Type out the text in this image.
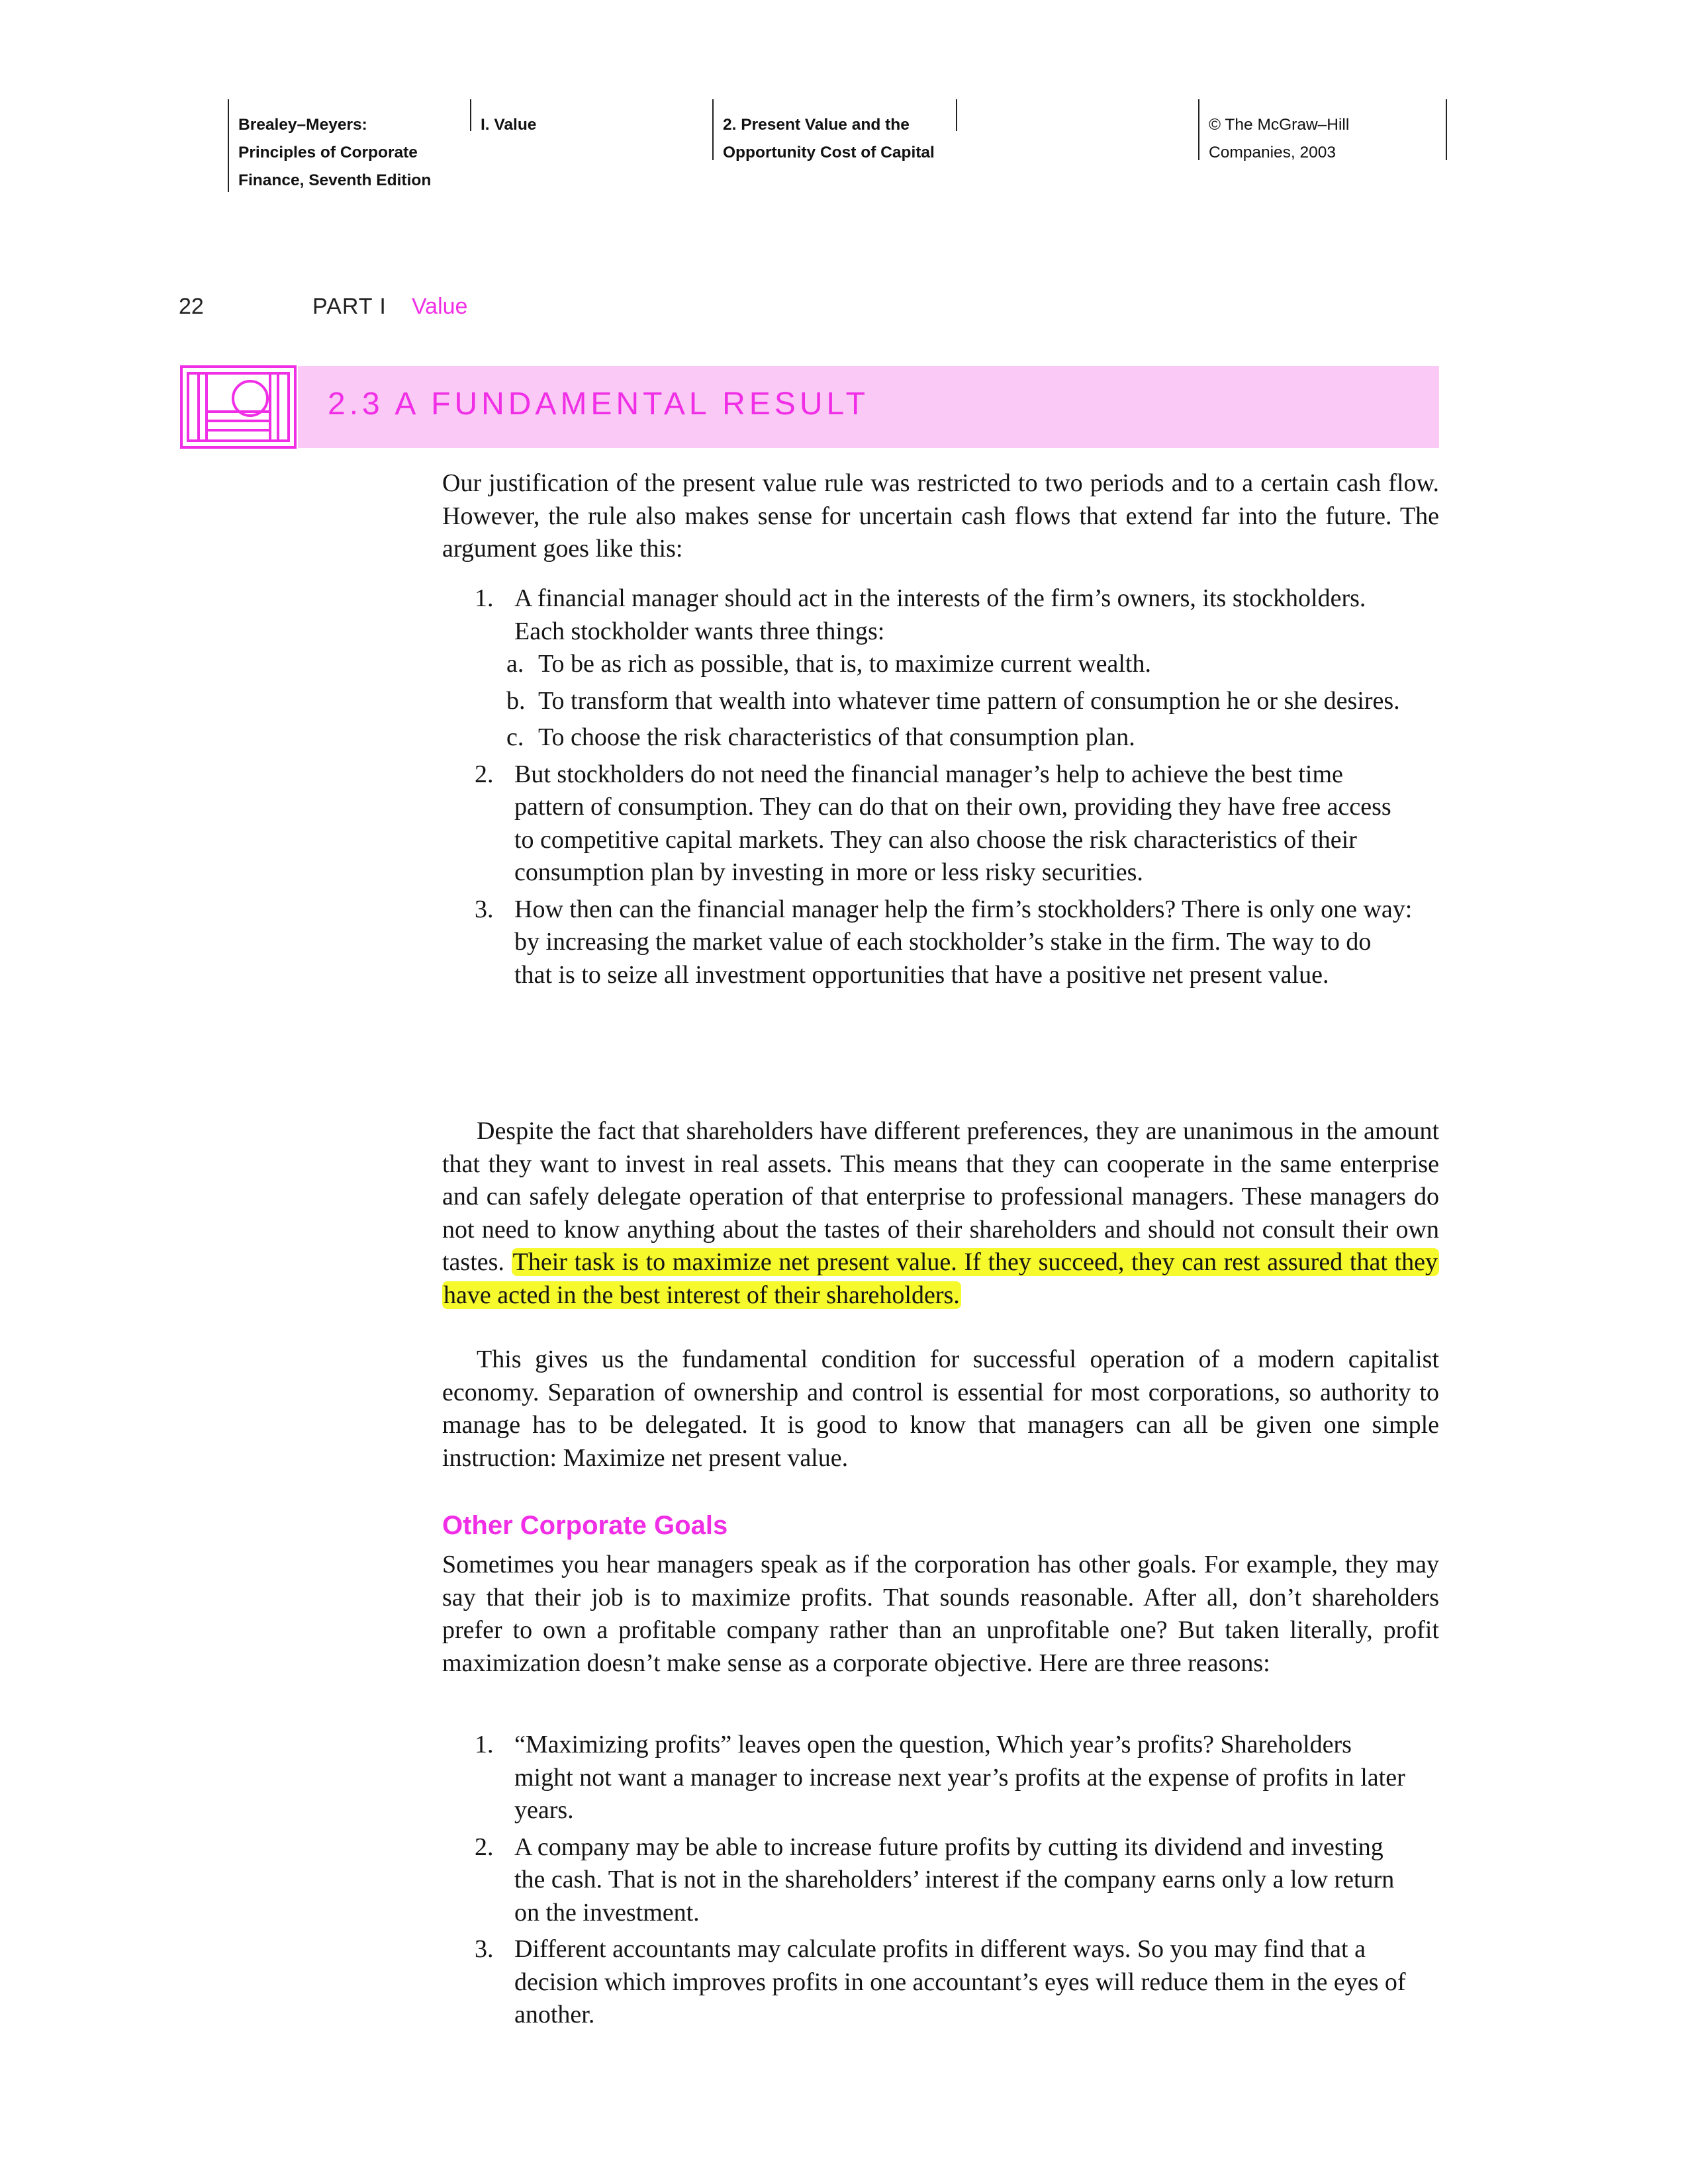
Brealey–Meyers:
Principles of Corporate
Finance, Seventh Edition
I. Value	2. Present Value and the
Opportunity Cost of Capital
© The McGraw–Hill
Companies, 2003
22	PART I Value
2.3 A FUNDAMENTAL RESULT
Our justification of the present value rule was restricted to two periods and to a certain cash flow. However, the rule also makes sense for uncertain cash flows that extend far into the future. The argument goes like this:
1. A financial manager should act in the interests of the firm’s owners, its stockholders. Each stockholder wants three things:
a. To be as rich as possible, that is, to maximize current wealth.
b. To transform that wealth into whatever time pattern of consumption he or she desires.
c. To choose the risk characteristics of that consumption plan.
2. But stockholders do not need the financial manager’s help to achieve the best time pattern of consumption. They can do that on their own, providing they have free access to competitive capital markets. They can also choose the risk characteristics of their consumption plan by investing in more or less risky securities.
3. How then can the financial manager help the firm’s stockholders? There is only one way: by increasing the market value of each stockholder’s stake in the firm. The way to do that is to seize all investment opportunities that have a positive net present value.
Despite the fact that shareholders have different preferences, they are unanimous in the amount that they want to invest in real assets. This means that they can cooperate in the same enterprise and can safely delegate operation of that enterprise to professional managers. These managers do not need to know anything about the tastes of their shareholders and should not consult their own tastes. Their task is to maximize net present value. If they succeed, they can rest assured that they have acted in the best interest of their shareholders.
This gives us the fundamental condition for successful operation of a modern capitalist economy. Separation of ownership and control is essential for most corporations, so authority to manage has to be delegated. It is good to know that managers can all be given one simple instruction: Maximize net present value.
Other Corporate Goals
Sometimes you hear managers speak as if the corporation has other goals. For example, they may say that their job is to maximize profits. That sounds reasonable. After all, don’t shareholders prefer to own a profitable company rather than an unprofitable one? But taken literally, profit maximization doesn’t make sense as a corporate objective. Here are three reasons:
1. “Maximizing profits” leaves open the question, Which year’s profits? Shareholders might not want a manager to increase next year’s profits at the expense of profits in later years.
2. A company may be able to increase future profits by cutting its dividend and investing the cash. That is not in the shareholders’ interest if the company earns only a low return on the investment.
3. Different accountants may calculate profits in different ways. So you may find that a decision which improves profits in one accountant’s eyes will reduce them in the eyes of another.
